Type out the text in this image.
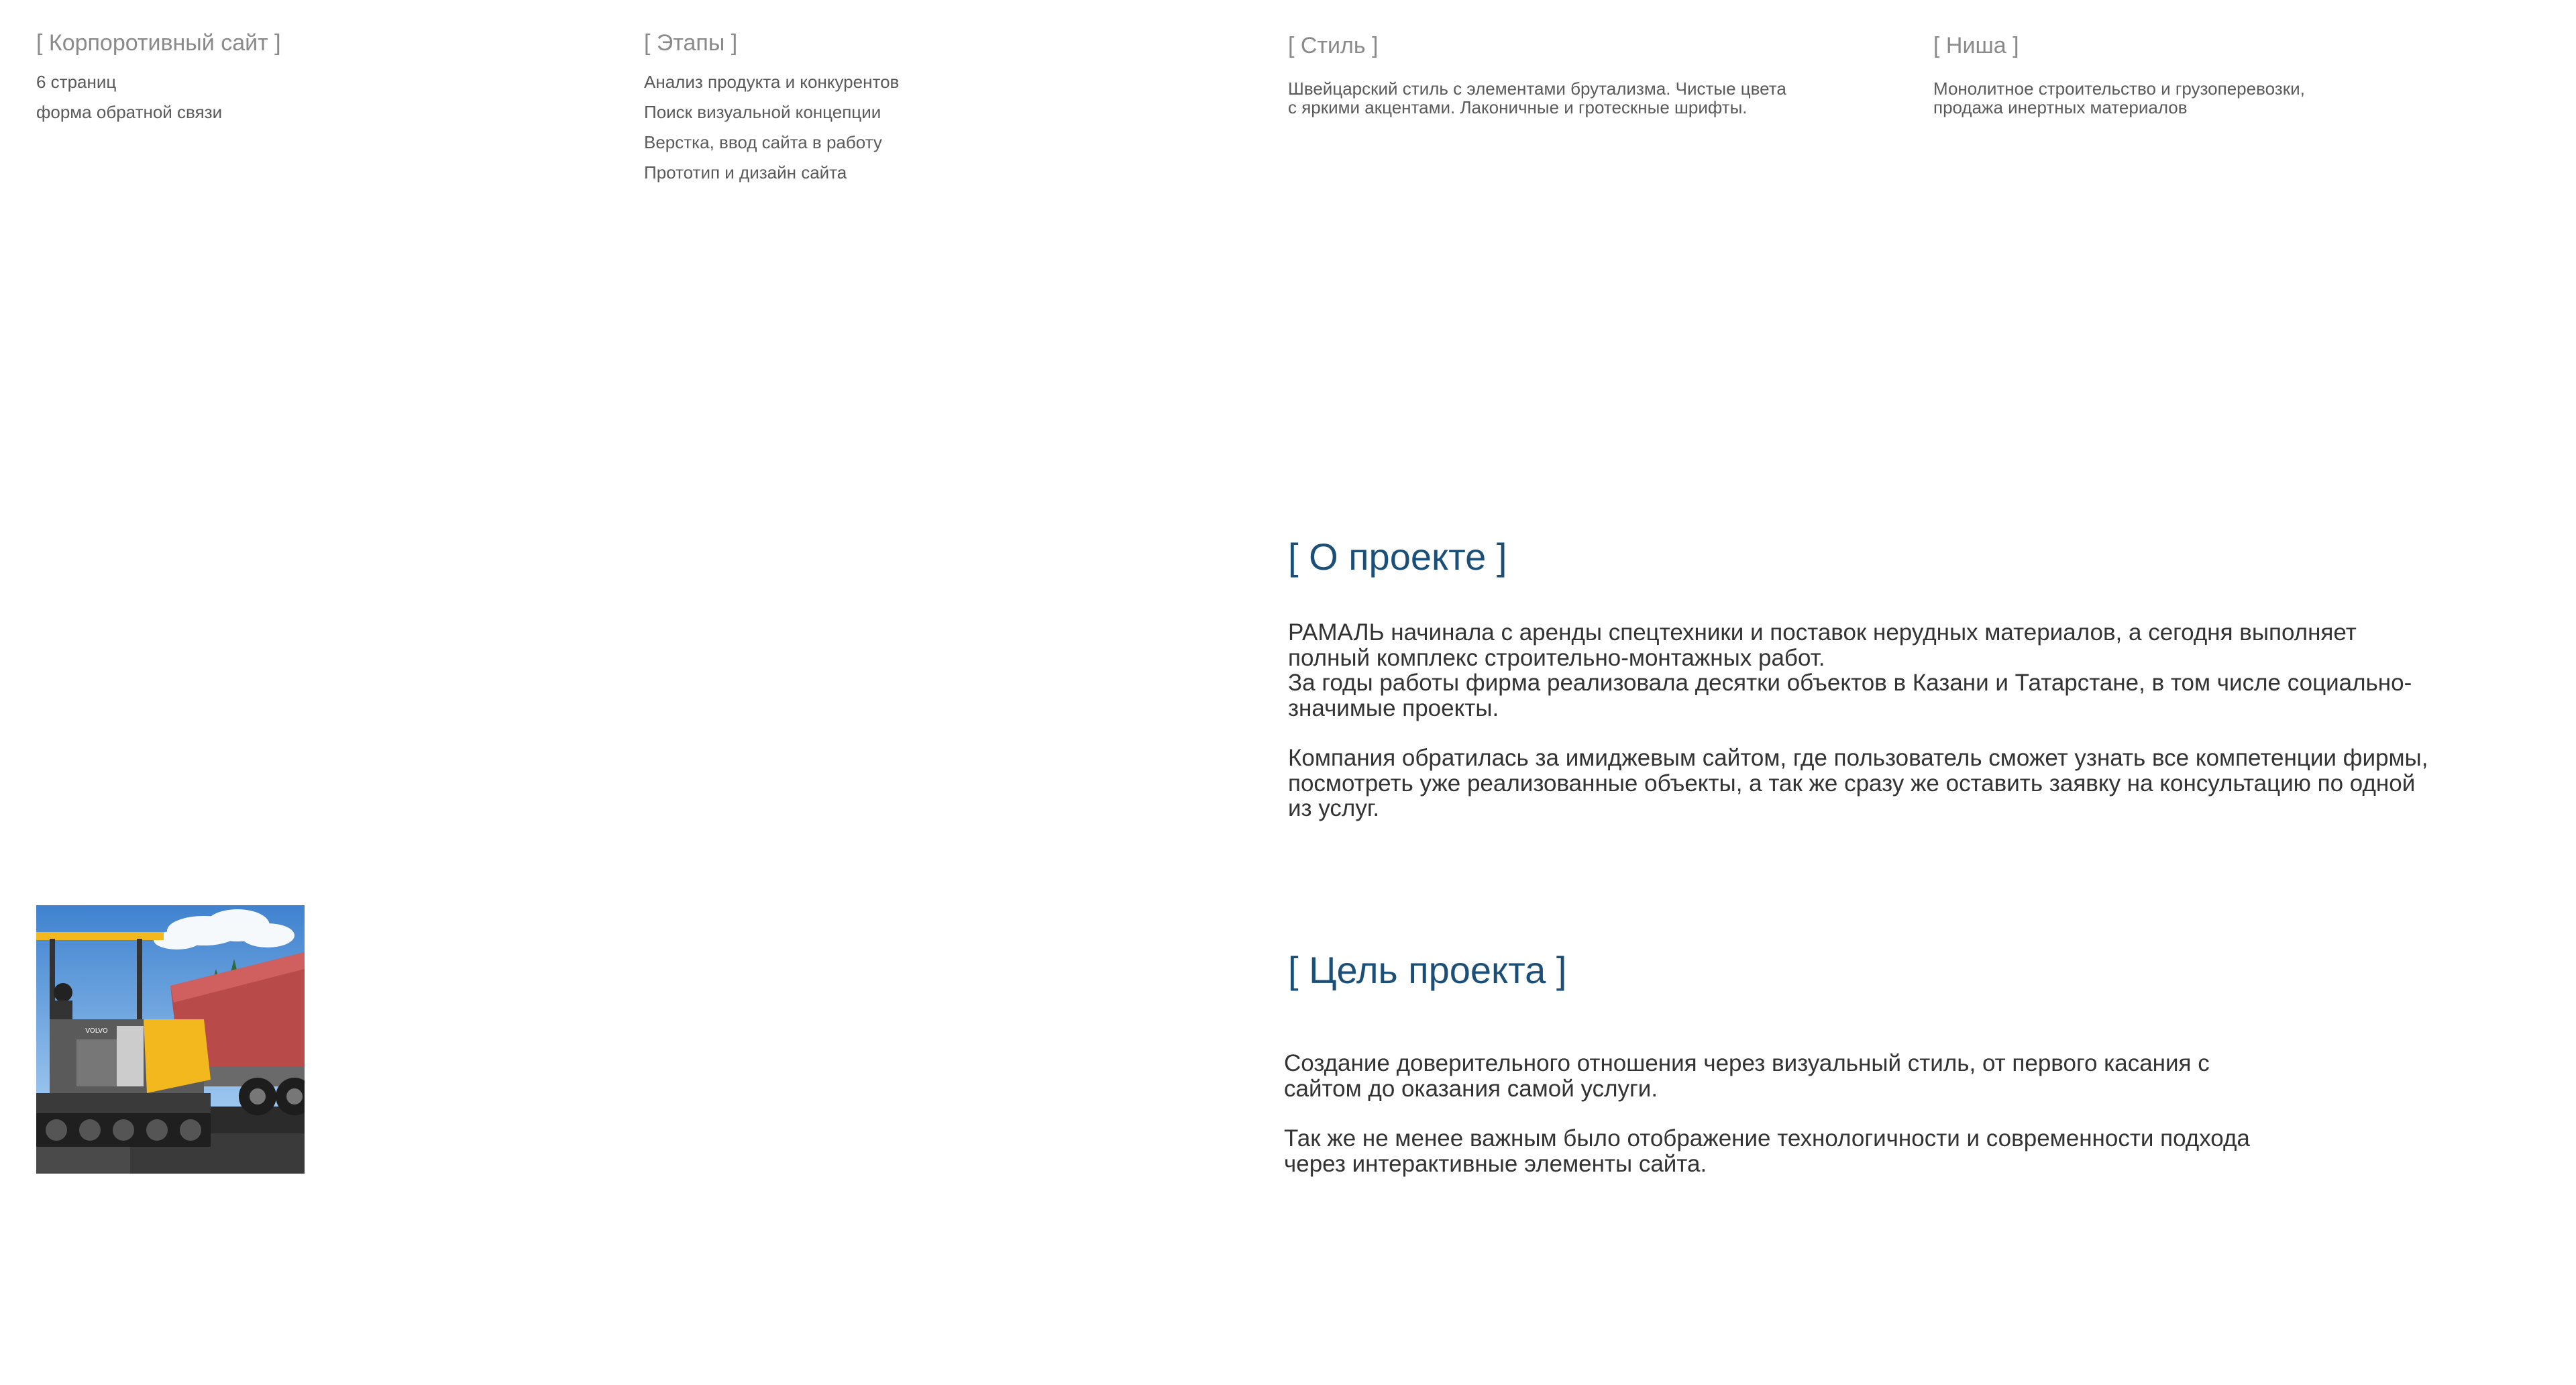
[ Корпоротивный сайт ]
6 страниц
форма обратной связи
[ Этапы ]
Анализ продукта и конкурентов
Поиск визуальной концепции
Верстка, ввод сайта в работу
Прототип и дизайн сайта
[ Стиль ]
Швейцарский стиль с элементами брутализма. Чистые цвета
с яркими акцентами. Лаконичные и гротескные шрифты.
[ Ниша ]
Монолитное строительство и грузоперевозки,
продажа инертных материалов
[ О проекте ]

РАМАЛЬ начинала с аренды спецтехники и поставок нерудных материалов, а сегодня выполняет
полный комплекс строительно-монтажных работ.
За годы работы фирма реализовала десятки объектов в Казани и Татарстане, в том числе социально-
значимые проекты.

Компания обратилась за имиджевым сайтом, где пользователь сможет узнать все компетенции фирмы,
посмотреть уже реализованные объекты, а так же сразу же оставить заявку на консультацию по одной
из услуг.

[ Цель проекта ]

Создание доверительного отношения через визуальный стиль, от первого касания с
сайтом до оказания самой услуги.

Так же не менее важным было отображение технологичности и современности подхода
через интерактивные элементы сайта.

VOLVO
